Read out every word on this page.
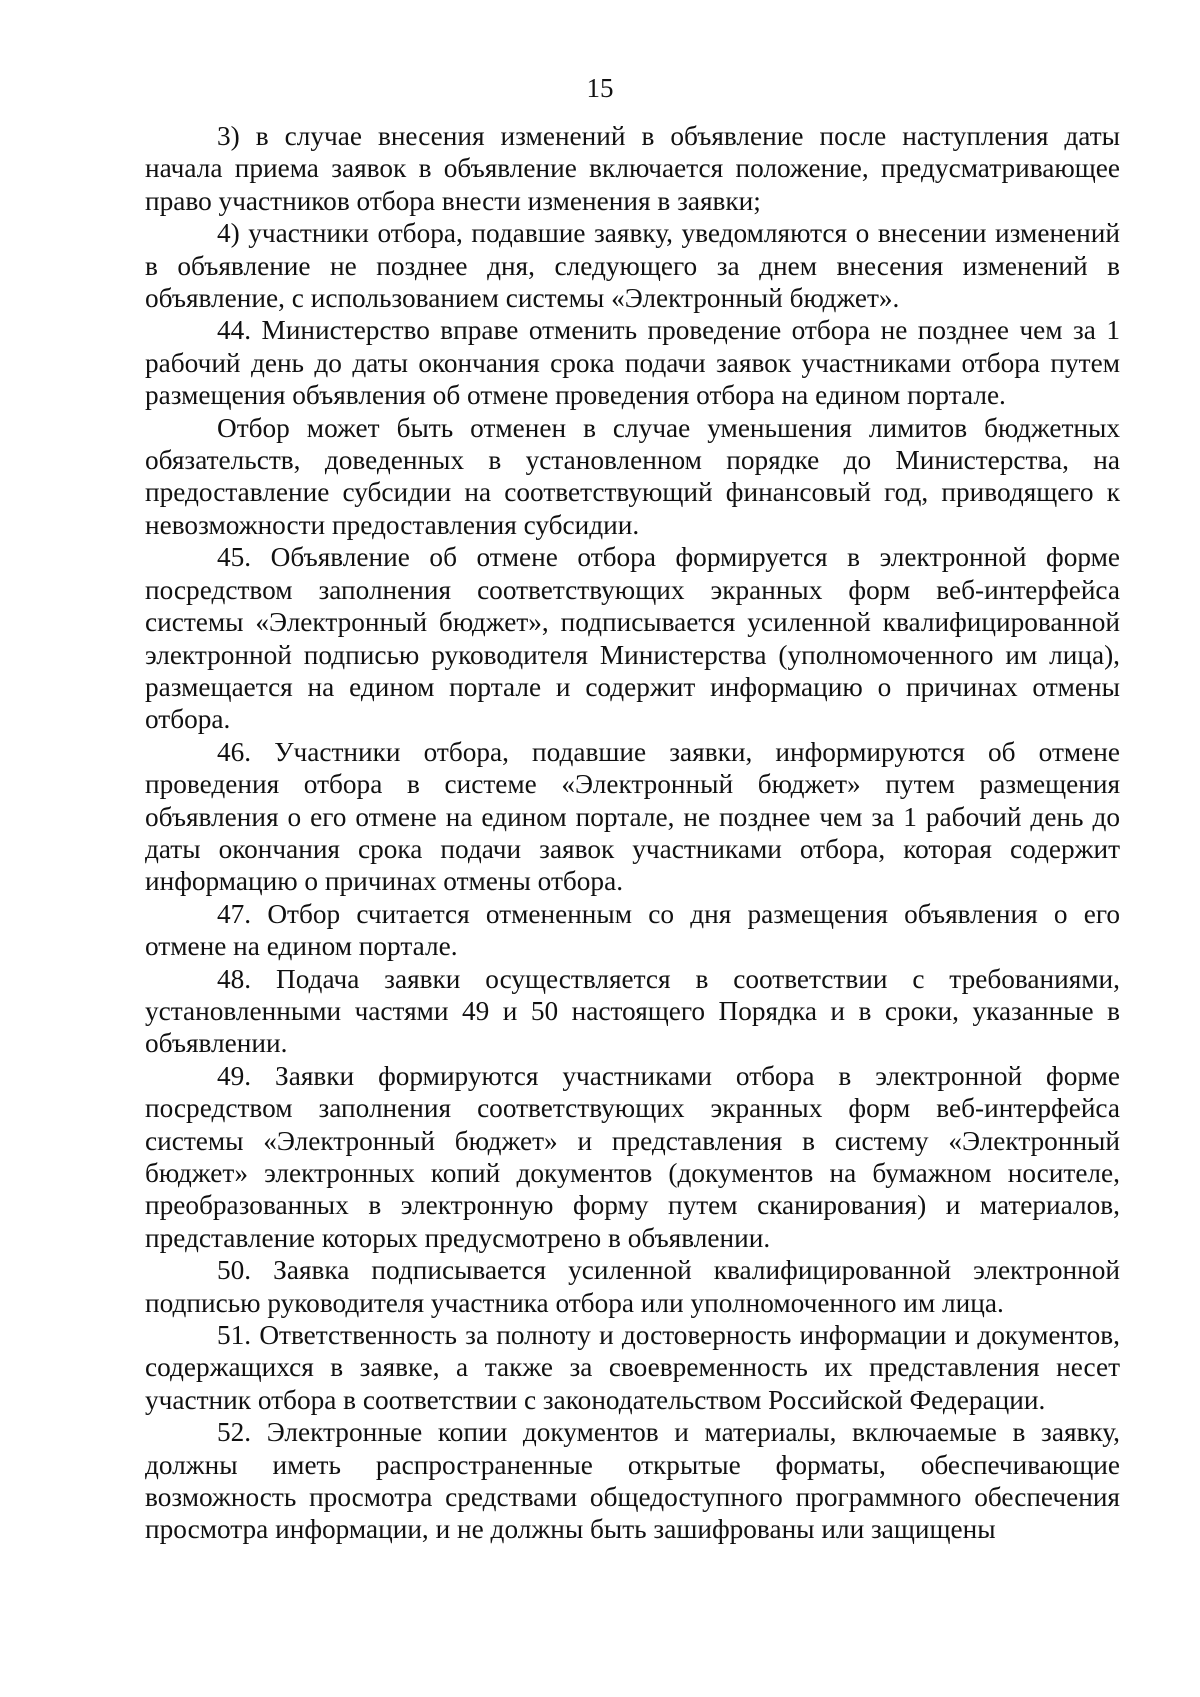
15

3) в случае внесения изменений в объявление после наступления даты начала приема заявок в объявление включается положение, предусматривающее право участников отбора внести изменения в заявки;

4) участники отбора, подавшие заявку, уведомляются о внесении изменений в объявление не позднее дня, следующего за днем внесения изменений в объявление, с использованием системы «Электронный бюджет».

44. Министерство вправе отменить проведение отбора не позднее чем за 1 рабочий день до даты окончания срока подачи заявок участниками отбора путем размещения объявления об отмене проведения отбора на едином портале.

Отбор может быть отменен в случае уменьшения лимитов бюджетных обязательств, доведенных в установленном порядке до Министерства, на предоставление субсидии на соответствующий финансовый год, приводящего к невозможности предоставления субсидии.

45. Объявление об отмене отбора формируется в электронной форме посредством заполнения соответствующих экранных форм веб-интерфейса системы «Электронный бюджет», подписывается усиленной квалифицированной электронной подписью руководителя Министерства (уполномоченного им лица), размещается на едином портале и содержит информацию о причинах отмены отбора.

46. Участники отбора, подавшие заявки, информируются об отмене проведения отбора в системе «Электронный бюджет» путем размещения объявления о его отмене на едином портале, не позднее чем за 1 рабочий день до даты окончания срока подачи заявок участниками отбора, которая содержит информацию о причинах отмены отбора.

47. Отбор считается отмененным со дня размещения объявления о его отмене на едином портале.

48. Подача заявки осуществляется в соответствии с требованиями, установленными частями 49 и 50 настоящего Порядка и в сроки, указанные в объявлении.

49. Заявки формируются участниками отбора в электронной форме посредством заполнения соответствующих экранных форм веб-интерфейса системы «Электронный бюджет» и представления в систему «Электронный бюджет» электронных копий документов (документов на бумажном носителе, преобразованных в электронную форму путем сканирования) и материалов, представление которых предусмотрено в объявлении.

50. Заявка подписывается усиленной квалифицированной электронной подписью руководителя участника отбора или уполномоченного им лица.

51. Ответственность за полноту и достоверность информации и документов, содержащихся в заявке, а также за своевременность их представления несет участник отбора в соответствии с законодательством Российской Федерации.

52. Электронные копии документов и материалы, включаемые в заявку, должны иметь распространенные открытые форматы, обеспечивающие возможность просмотра средствами общедоступного программного обеспечения просмотра информации, и не должны быть зашифрованы или защищены
